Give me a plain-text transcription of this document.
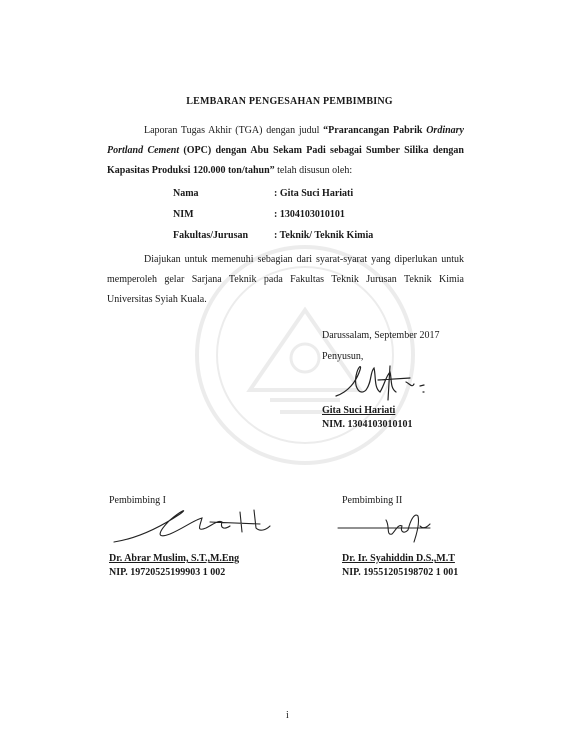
LEMBARAN PENGESAHAN PEMBIMBING
Laporan Tugas Akhir (TGA) dengan judul “Prarancangan Pabrik Ordinary Portland Cement (OPC) dengan Abu Sekam Padi sebagai Sumber Silika dengan Kapasitas Produksi 120.000 ton/tahun” telah disusun oleh:
Nama	: Gita Suci Hariati
NIM	: 1304103010101
Fakultas/Jurusan	: Teknik/ Teknik Kimia
Diajukan untuk memenuhi sebagian dari syarat-syarat yang diperlukan untuk memperoleh gelar Sarjana Teknik pada Fakultas Teknik Jurusan Teknik Kimia Universitas Syiah Kuala.
Darussalam, September 2017
Penyusun,
Gita Suci Hariati
NIM. 1304103010101
Pembimbing I
Dr. Abrar Muslim, S.T.,M.Eng
NIP. 19720525199903 1 002
Pembimbing II
Dr. Ir. Syahiddin D.S.,M.T
NIP. 19551205198702 1 001
i
